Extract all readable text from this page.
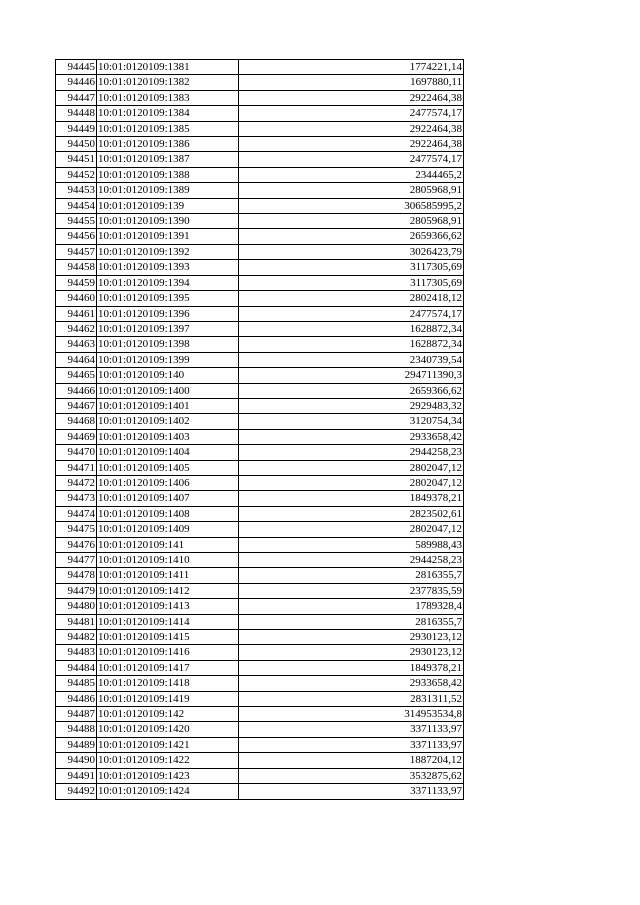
94445	10:01:0120109:1381	1774221,14
94446	10:01:0120109:1382	1697880,11
94447	10:01:0120109:1383	2922464,38
94448	10:01:0120109:1384	2477574,17
94449	10:01:0120109:1385	2922464,38
94450	10:01:0120109:1386	2922464,38
94451	10:01:0120109:1387	2477574,17
94452	10:01:0120109:1388	2344465,2
94453	10:01:0120109:1389	2805968,91
94454	10:01:0120109:139	306585995,2
94455	10:01:0120109:1390	2805968,91
94456	10:01:0120109:1391	2659366,62
94457	10:01:0120109:1392	3026423,79
94458	10:01:0120109:1393	3117305,69
94459	10:01:0120109:1394	3117305,69
94460	10:01:0120109:1395	2802418,12
94461	10:01:0120109:1396	2477574,17
94462	10:01:0120109:1397	1628872,34
94463	10:01:0120109:1398	1628872,34
94464	10:01:0120109:1399	2340739,54
94465	10:01:0120109:140	294711390,3
94466	10:01:0120109:1400	2659366,62
94467	10:01:0120109:1401	2929483,32
94468	10:01:0120109:1402	3120754,34
94469	10:01:0120109:1403	2933658,42
94470	10:01:0120109:1404	2944258,23
94471	10:01:0120109:1405	2802047,12
94472	10:01:0120109:1406	2802047,12
94473	10:01:0120109:1407	1849378,21
94474	10:01:0120109:1408	2823502,61
94475	10:01:0120109:1409	2802047,12
94476	10:01:0120109:141	589988,43
94477	10:01:0120109:1410	2944258,23
94478	10:01:0120109:1411	2816355,7
94479	10:01:0120109:1412	2377835,59
94480	10:01:0120109:1413	1789328,4
94481	10:01:0120109:1414	2816355,7
94482	10:01:0120109:1415	2930123,12
94483	10:01:0120109:1416	2930123,12
94484	10:01:0120109:1417	1849378,21
94485	10:01:0120109:1418	2933658,42
94486	10:01:0120109:1419	2831311,52
94487	10:01:0120109:142	314953534,8
94488	10:01:0120109:1420	3371133,97
94489	10:01:0120109:1421	3371133,97
94490	10:01:0120109:1422	1887204,12
94491	10:01:0120109:1423	3532875,62
94492	10:01:0120109:1424	3371133,97
